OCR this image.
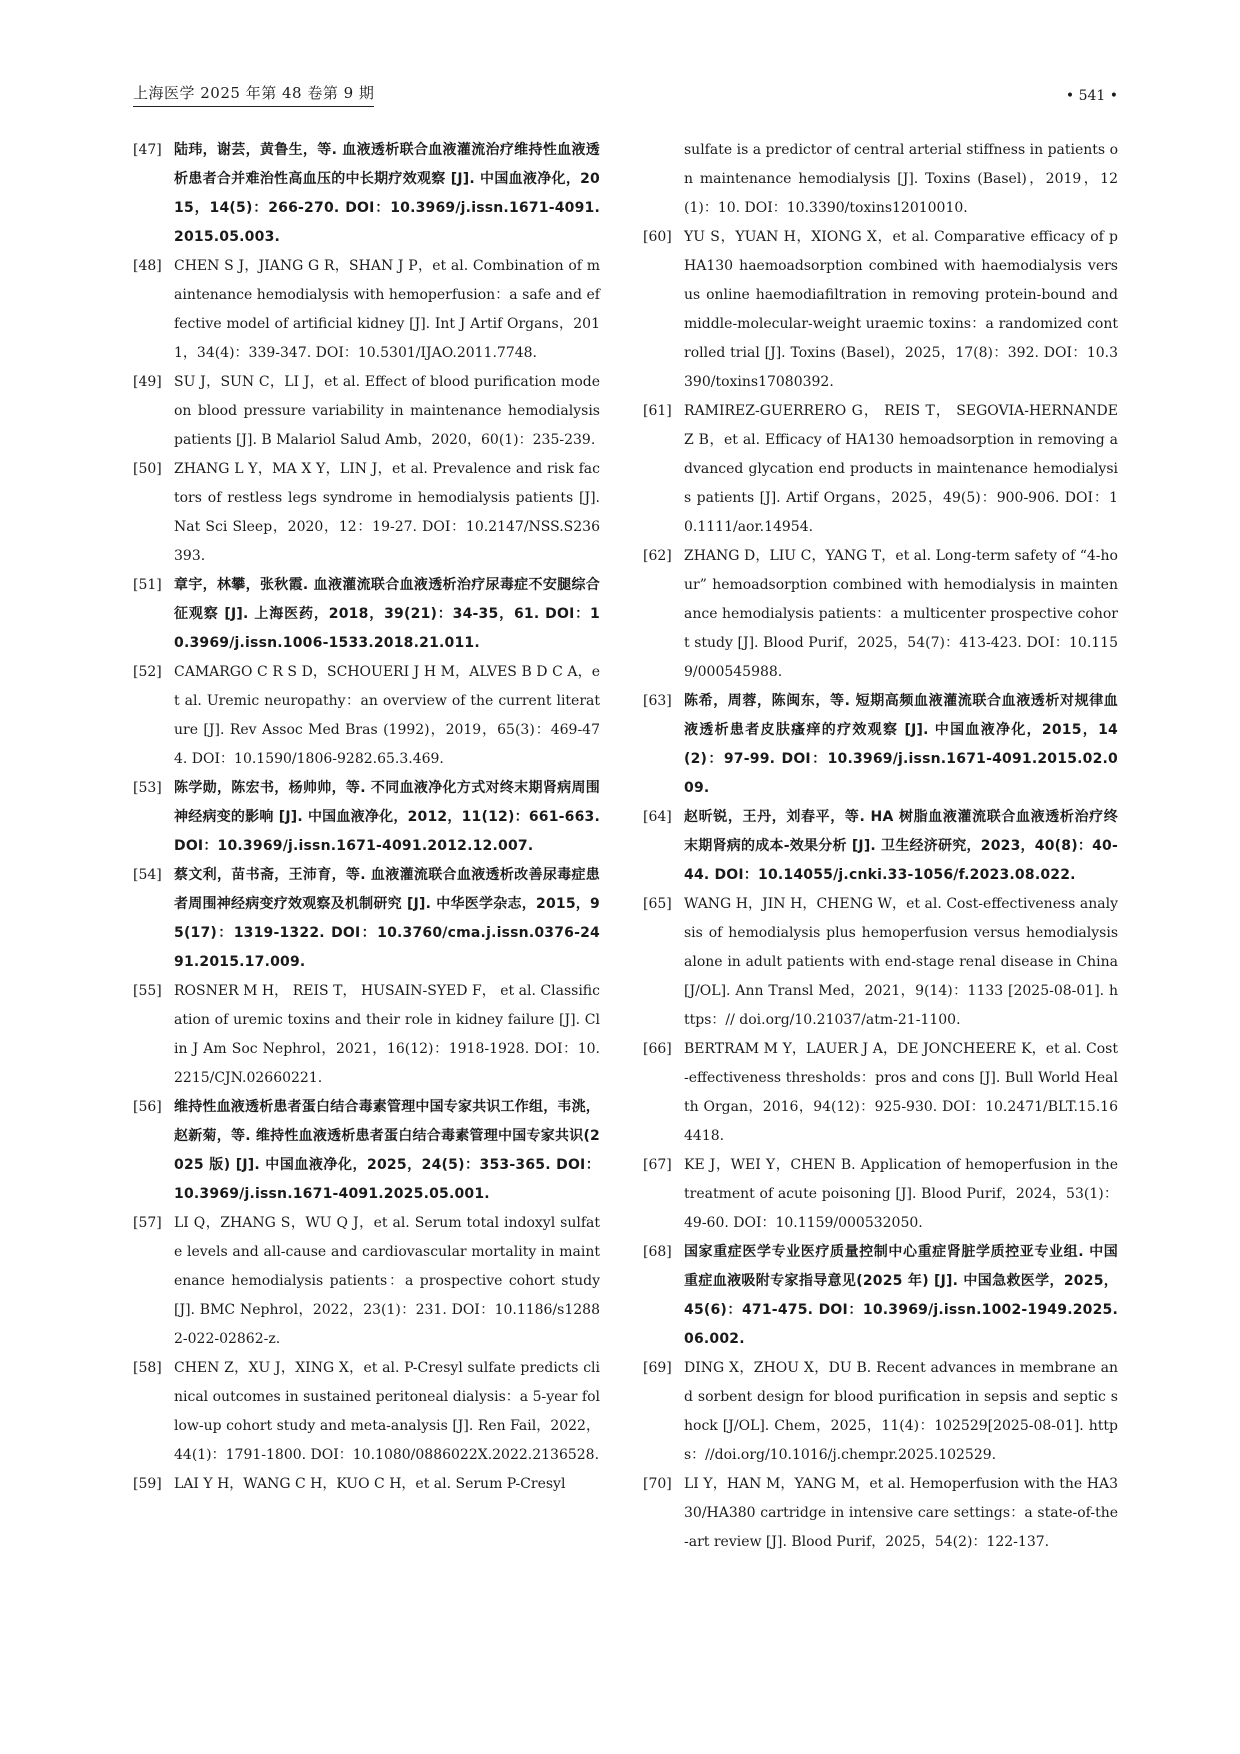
上海医学 2025 年第 48 卷第 9 期	• 541 •
[47] 陆玮，谢芸，黄鲁生，等. 血液透析联合血液灌流治疗维持性血液透析患者合并难治性高血压的中长期疗效观察 [J]. 中国血液净化，2015，14(5)：266-270. DOI：10.3969/j.issn.1671-4091.2015.05.003.
[48] CHEN S J，JIANG G R，SHAN J P，et al. Combination of maintenance hemodialysis with hemoperfusion：a safe and effective model of artificial kidney [J]. Int J Artif Organs，2011，34(4)：339-347. DOI：10.5301/IJAO.2011.7748.
[49] SU J，SUN C，LI J，et al. Effect of blood purification mode on blood pressure variability in maintenance hemodialysis patients [J]. B Malariol Salud Amb，2020，60(1)：235-239.
[50] ZHANG L Y，MA X Y，LIN J，et al. Prevalence and risk factors of restless legs syndrome in hemodialysis patients [J]. Nat Sci Sleep，2020，12：19-27. DOI：10.2147/NSS.S236393.
[51] 章宇，林攀，张秋霞. 血液灌流联合血液透析治疗尿毒症不安腿综合征观察 [J]. 上海医药，2018，39(21)：34-35，61. DOI：10.3969/j.issn.1006-1533.2018.21.011.
[52] CAMARGO C R S D，SCHOUERI J H M，ALVES B D C A，et al. Uremic neuropathy：an overview of the current literature [J]. Rev Assoc Med Bras (1992)，2019，65(3)：469-474. DOI：10.1590/1806-9282.65.3.469.
[53] 陈学勋，陈宏书，杨帅帅，等. 不同血液净化方式对终末期肾病周围神经病变的影响 [J]. 中国血液净化，2012，11(12)：661-663. DOI：10.3969/j.issn.1671-4091.2012.12.007.
[54] 蔡文利，苗书斋，王沛育，等. 血液灌流联合血液透析改善尿毒症患者周围神经病变疗效观察及机制研究 [J]. 中华医学杂志，2015，95(17)：1319-1322. DOI：10.3760/cma.j.issn.0376-2491.2015.17.009.
[55] ROSNER M H， REIS T， HUSAIN-SYED F， et al. Classification of uremic toxins and their role in kidney failure [J]. Clin J Am Soc Nephrol，2021，16(12)：1918-1928. DOI：10.2215/CJN.02660221.
[56] 维持性血液透析患者蛋白结合毒素管理中国专家共识工作组，韦洮，赵新菊，等. 维持性血液透析患者蛋白结合毒素管理中国专家共识(2025 版) [J]. 中国血液净化，2025，24(5)：353-365. DOI：10.3969/j.issn.1671-4091.2025.05.001.
[57] LI Q，ZHANG S，WU Q J，et al. Serum total indoxyl sulfate levels and all-cause and cardiovascular mortality in maintenance hemodialysis patients：a prospective cohort study [J]. BMC Nephrol，2022，23(1)：231. DOI：10.1186/s12882-022-02862-z.
[58] CHEN Z，XU J，XING X，et al. P-Cresyl sulfate predicts clinical outcomes in sustained peritoneal dialysis：a 5-year follow-up cohort study and meta-analysis [J]. Ren Fail，2022，44(1)：1791-1800. DOI：10.1080/0886022X.2022.2136528.
[59] LAI Y H，WANG C H，KUO C H，et al. Serum P-Cresyl
sulfate is a predictor of central arterial stiffness in patients on maintenance hemodialysis [J]. Toxins (Basel)，2019，12(1)：10. DOI：10.3390/toxins12010010.
[60] YU S，YUAN H，XIONG X，et al. Comparative efficacy of pHA130 haemoadsorption combined with haemodialysis versus online haemodiafiltration in removing protein-bound and middle-molecular-weight uraemic toxins：a randomized controlled trial [J]. Toxins (Basel)，2025，17(8)：392. DOI：10.3390/toxins17080392.
[61] RAMIREZ-GUERRERO G， REIS T， SEGOVIA-HERNANDEZ B，et al. Efficacy of HA130 hemoadsorption in removing advanced glycation end products in maintenance hemodialysis patients [J]. Artif Organs，2025，49(5)：900-906. DOI：10.1111/aor.14954.
[62] ZHANG D，LIU C，YANG T，et al. Long-term safety of “4-hour” hemoadsorption combined with hemodialysis in maintenance hemodialysis patients：a multicenter prospective cohort study [J]. Blood Purif，2025，54(7)：413-423. DOI：10.1159/000545988.
[63] 陈希，周蓉，陈闽东，等. 短期高频血液灌流联合血液透析对规律血液透析患者皮肤瘙痒的疗效观察 [J]. 中国血液净化，2015，14(2)：97-99. DOI：10.3969/j.issn.1671-4091.2015.02.009.
[64] 赵昕锐，王丹，刘春平，等. HA 树脂血液灌流联合血液透析治疗终末期肾病的成本-效果分析 [J]. 卫生经济研究，2023，40(8)：40-44. DOI：10.14055/j.cnki.33-1056/f.2023.08.022.
[65] WANG H，JIN H，CHENG W，et al. Cost-effectiveness analysis of hemodialysis plus hemoperfusion versus hemodialysis alone in adult patients with end-stage renal disease in China[J/OL]. Ann Transl Med，2021，9(14)：1133 [2025-08-01]. https：// doi.org/10.21037/atm-21-1100.
[66] BERTRAM M Y，LAUER J A，DE JONCHEERE K，et al. Cost-effectiveness thresholds：pros and cons [J]. Bull World Health Organ，2016，94(12)：925-930. DOI：10.2471/BLT.15.164418.
[67] KE J，WEI Y，CHEN B. Application of hemoperfusion in the treatment of acute poisoning [J]. Blood Purif，2024，53(1)：49-60. DOI：10.1159/000532050.
[68] 国家重症医学专业医疗质量控制中心重症肾脏学质控亚专业组. 中国重症血液吸附专家指导意见(2025 年) [J]. 中国急救医学，2025，45(6)：471-475. DOI：10.3969/j.issn.1002-1949.2025.06.002.
[69] DING X，ZHOU X，DU B. Recent advances in membrane and sorbent design for blood purification in sepsis and septic shock [J/OL]. Chem，2025，11(4)：102529[2025-08-01]. https：//doi.org/10.1016/j.chempr.2025.102529.
[70] LI Y，HAN M，YANG M，et al. Hemoperfusion with the HA330/HA380 cartridge in intensive care settings：a state-of-the-art review [J]. Blood Purif，2025，54(2)：122-137.
